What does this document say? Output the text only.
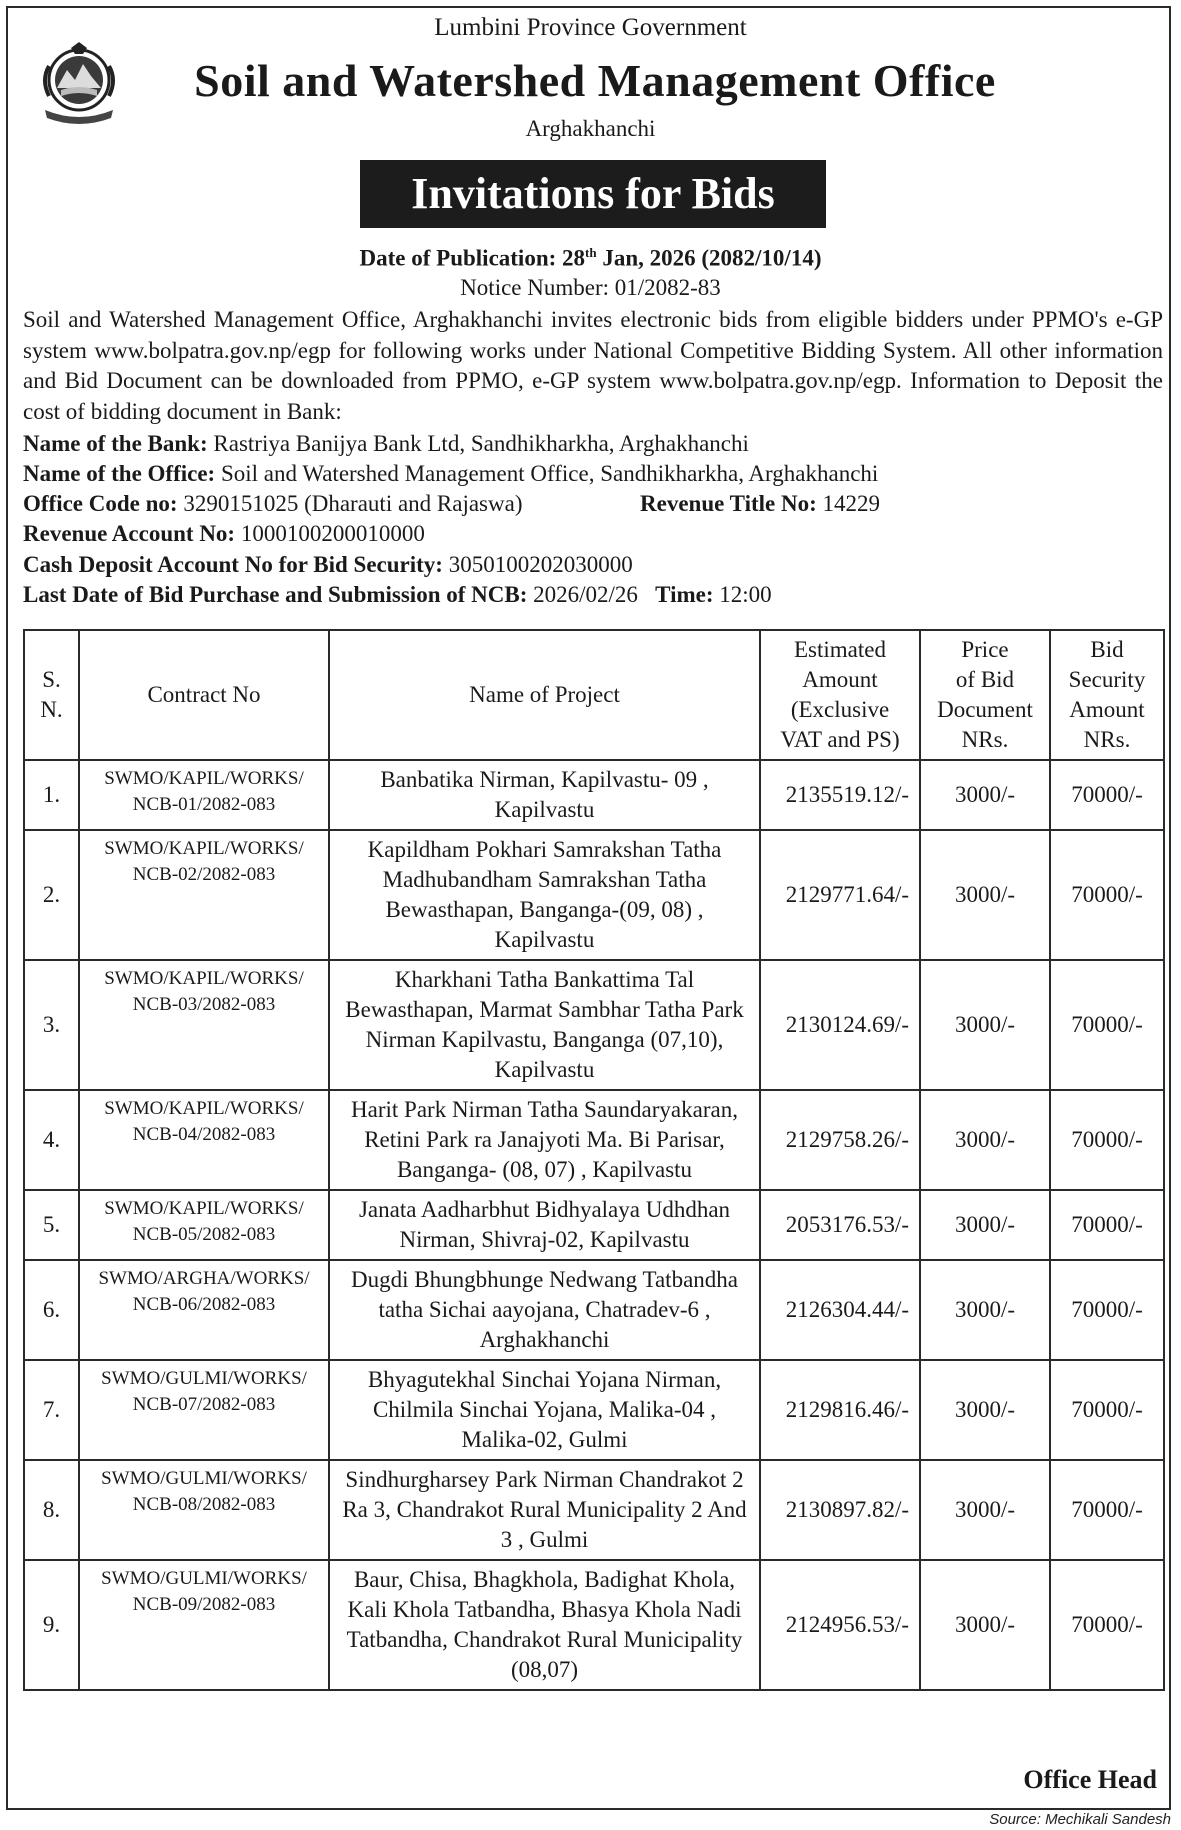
Lumbini Province Government
Soil and Watershed Management Office
Arghakhanchi
Invitations for Bids
Date of Publication: 28th Jan, 2026 (2082/10/14)
Notice Number: 01/2082-83

Soil and Watershed Management Office, Arghakhanchi invites electronic bids from eligible bidders under PPMO's e-GP system www.bolpatra.gov.np/egp for following works under National Competitive Bidding System. All other information and Bid Document can be downloaded from PPMO, e-GP system www.bolpatra.gov.np/egp. Information to Deposit the cost of bidding document in Bank:

Name of the Bank: Rastriya Banijya Bank Ltd, Sandhikharkha, Arghakhanchi
Name of the Office: Soil and Watershed Management Office, Sandhikharkha, Arghakhanchi
Office Code no: 3290151025 (Dharauti and Rajaswa)	Revenue Title No: 14229
Revenue Account No: 1000100200010000
Cash Deposit Account No for Bid Security: 3050100202030000
Last Date of Bid Purchase and Submission of NCB: 2026/02/26 Time: 12:00
S.
N.	Contract No	Name of Project	Estimated
Amount
(Exclusive
VAT and PS)	Price
of Bid
Document
NRs.	Bid
Security
Amount
NRs.
1.	SWMO/KAPIL/WORKS/
NCB-01/2082-083	Banbatika Nirman, Kapilvastu- 09 , Kapilvastu	2135519.12/-	3000/-	70000/-
2.	SWMO/KAPIL/WORKS/
NCB-02/2082-083	Kapildham Pokhari Samrakshan Tatha Madhubandham Samrakshan Tatha Bewasthapan, Banganga-(09, 08) , Kapilvastu	2129771.64/-	3000/-	70000/-
3.	SWMO/KAPIL/WORKS/
NCB-03/2082-083	Kharkhani Tatha Bankattima Tal Bewasthapan, Marmat Sambhar Tatha Park Nirman Kapilvastu, Banganga (07,10), Kapilvastu	2130124.69/-	3000/-	70000/-
4.	SWMO/KAPIL/WORKS/
NCB-04/2082-083	Harit Park Nirman Tatha Saundaryakaran, Retini Park ra Janajyoti Ma. Bi Parisar, Banganga- (08, 07) , Kapilvastu	2129758.26/-	3000/-	70000/-
5.	SWMO/KAPIL/WORKS/
NCB-05/2082-083	Janata Aadharbhut Bidhyalaya Udhdhan Nirman, Shivraj-02, Kapilvastu	2053176.53/-	3000/-	70000/-
6.	SWMO/ARGHA/WORKS/
NCB-06/2082-083	Dugdi Bhungbhunge Nedwang Tatbandha tatha Sichai aayojana, Chatradev-6 , Arghakhanchi	2126304.44/-	3000/-	70000/-
7.	SWMO/GULMI/WORKS/
NCB-07/2082-083	Bhyagutekhal Sinchai Yojana Nirman, Chilmila Sinchai Yojana, Malika-04 , Malika-02, Gulmi	2129816.46/-	3000/-	70000/-
8.	SWMO/GULMI/WORKS/
NCB-08/2082-083	Sindhurgharsey Park Nirman Chandrakot 2 Ra 3, Chandrakot Rural Municipality 2 And 3 , Gulmi	2130897.82/-	3000/-	70000/-
9.	SWMO/GULMI/WORKS/
NCB-09/2082-083	Baur, Chisa, Bhagkhola, Badighat Khola, Kali Khola Tatbandha, Bhasya Khola Nadi Tatbandha, Chandrakot Rural Municipality (08,07)	2124956.53/-	3000/-	70000/-
Office Head
Source: Mechikali Sandesh
